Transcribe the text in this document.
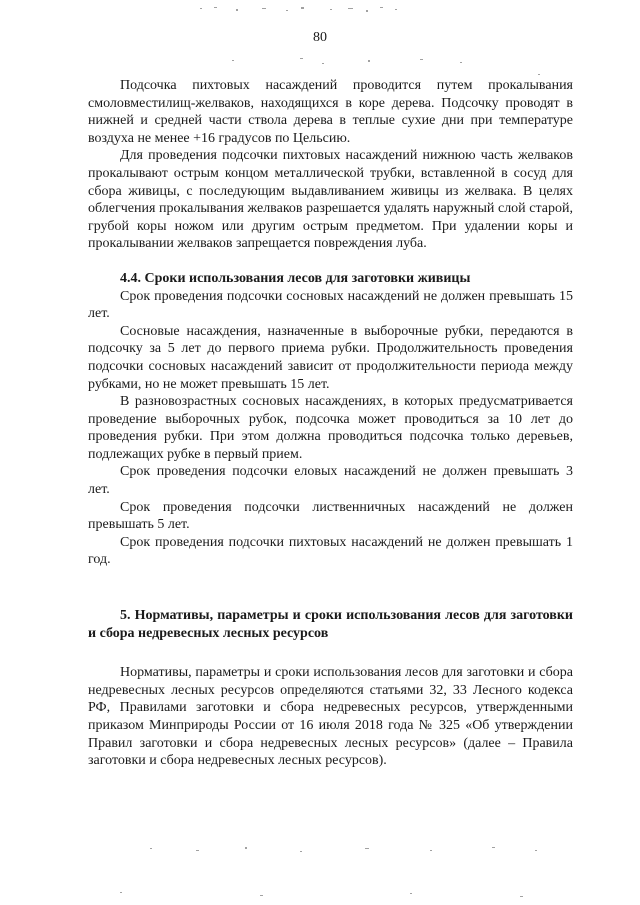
80

Подсочка пихтовых насаждений проводится путем прокалывания смоловместилищ-желваков, находящихся в коре дерева. Подсочку проводят в нижней и средней части ствола дерева в теплые сухие дни при температуре воздуха не менее +16 градусов по Цельсию.

Для проведения подсочки пихтовых насаждений нижнюю часть желваков прокалывают острым концом металлической трубки, вставленной в сосуд для сбора живицы, с последующим выдавливанием живицы из желвака. В целях облегчения прокалывания желваков разрешается удалять наружный слой старой, грубой коры ножом или другим острым предметом. При удалении коры и прокалывании желваков запрещается повреждения луба.

4.4. Сроки использования лесов для заготовки живицы

Срок проведения подсочки сосновых насаждений не должен превышать 15 лет.

Сосновые насаждения, назначенные в выборочные рубки, передаются в подсочку за 5 лет до первого приема рубки. Продолжительность проведения подсочки сосновых насаждений зависит от продолжительности периода между рубками, но не может превышать 15 лет.

В разновозрастных сосновых насаждениях, в которых предусматривается проведение выборочных рубок, подсочка может проводиться за 10 лет до проведения рубки. При этом должна проводиться подсочка только деревьев, подлежащих рубке в первый прием.

Срок проведения подсочки еловых насаждений не должен превышать 3 лет.

Срок проведения подсочки лиственничных насаждений не должен превышать 5 лет.

Срок проведения подсочки пихтовых насаждений не должен превышать 1 год.

5. Нормативы, параметры и сроки использования лесов для заготовки и сбора недревесных лесных ресурсов

Нормативы, параметры и сроки использования лесов для заготовки и сбора недревесных лесных ресурсов определяются статьями 32, 33 Лесного кодекса РФ, Правилами заготовки и сбора недревесных ресурсов, утвержденными приказом Минприроды России от 16 июля 2018 года № 325 «Об утверждении Правил заготовки и сбора недревесных лесных ресурсов» (далее – Правила заготовки и сбора недревесных лесных ресурсов).
